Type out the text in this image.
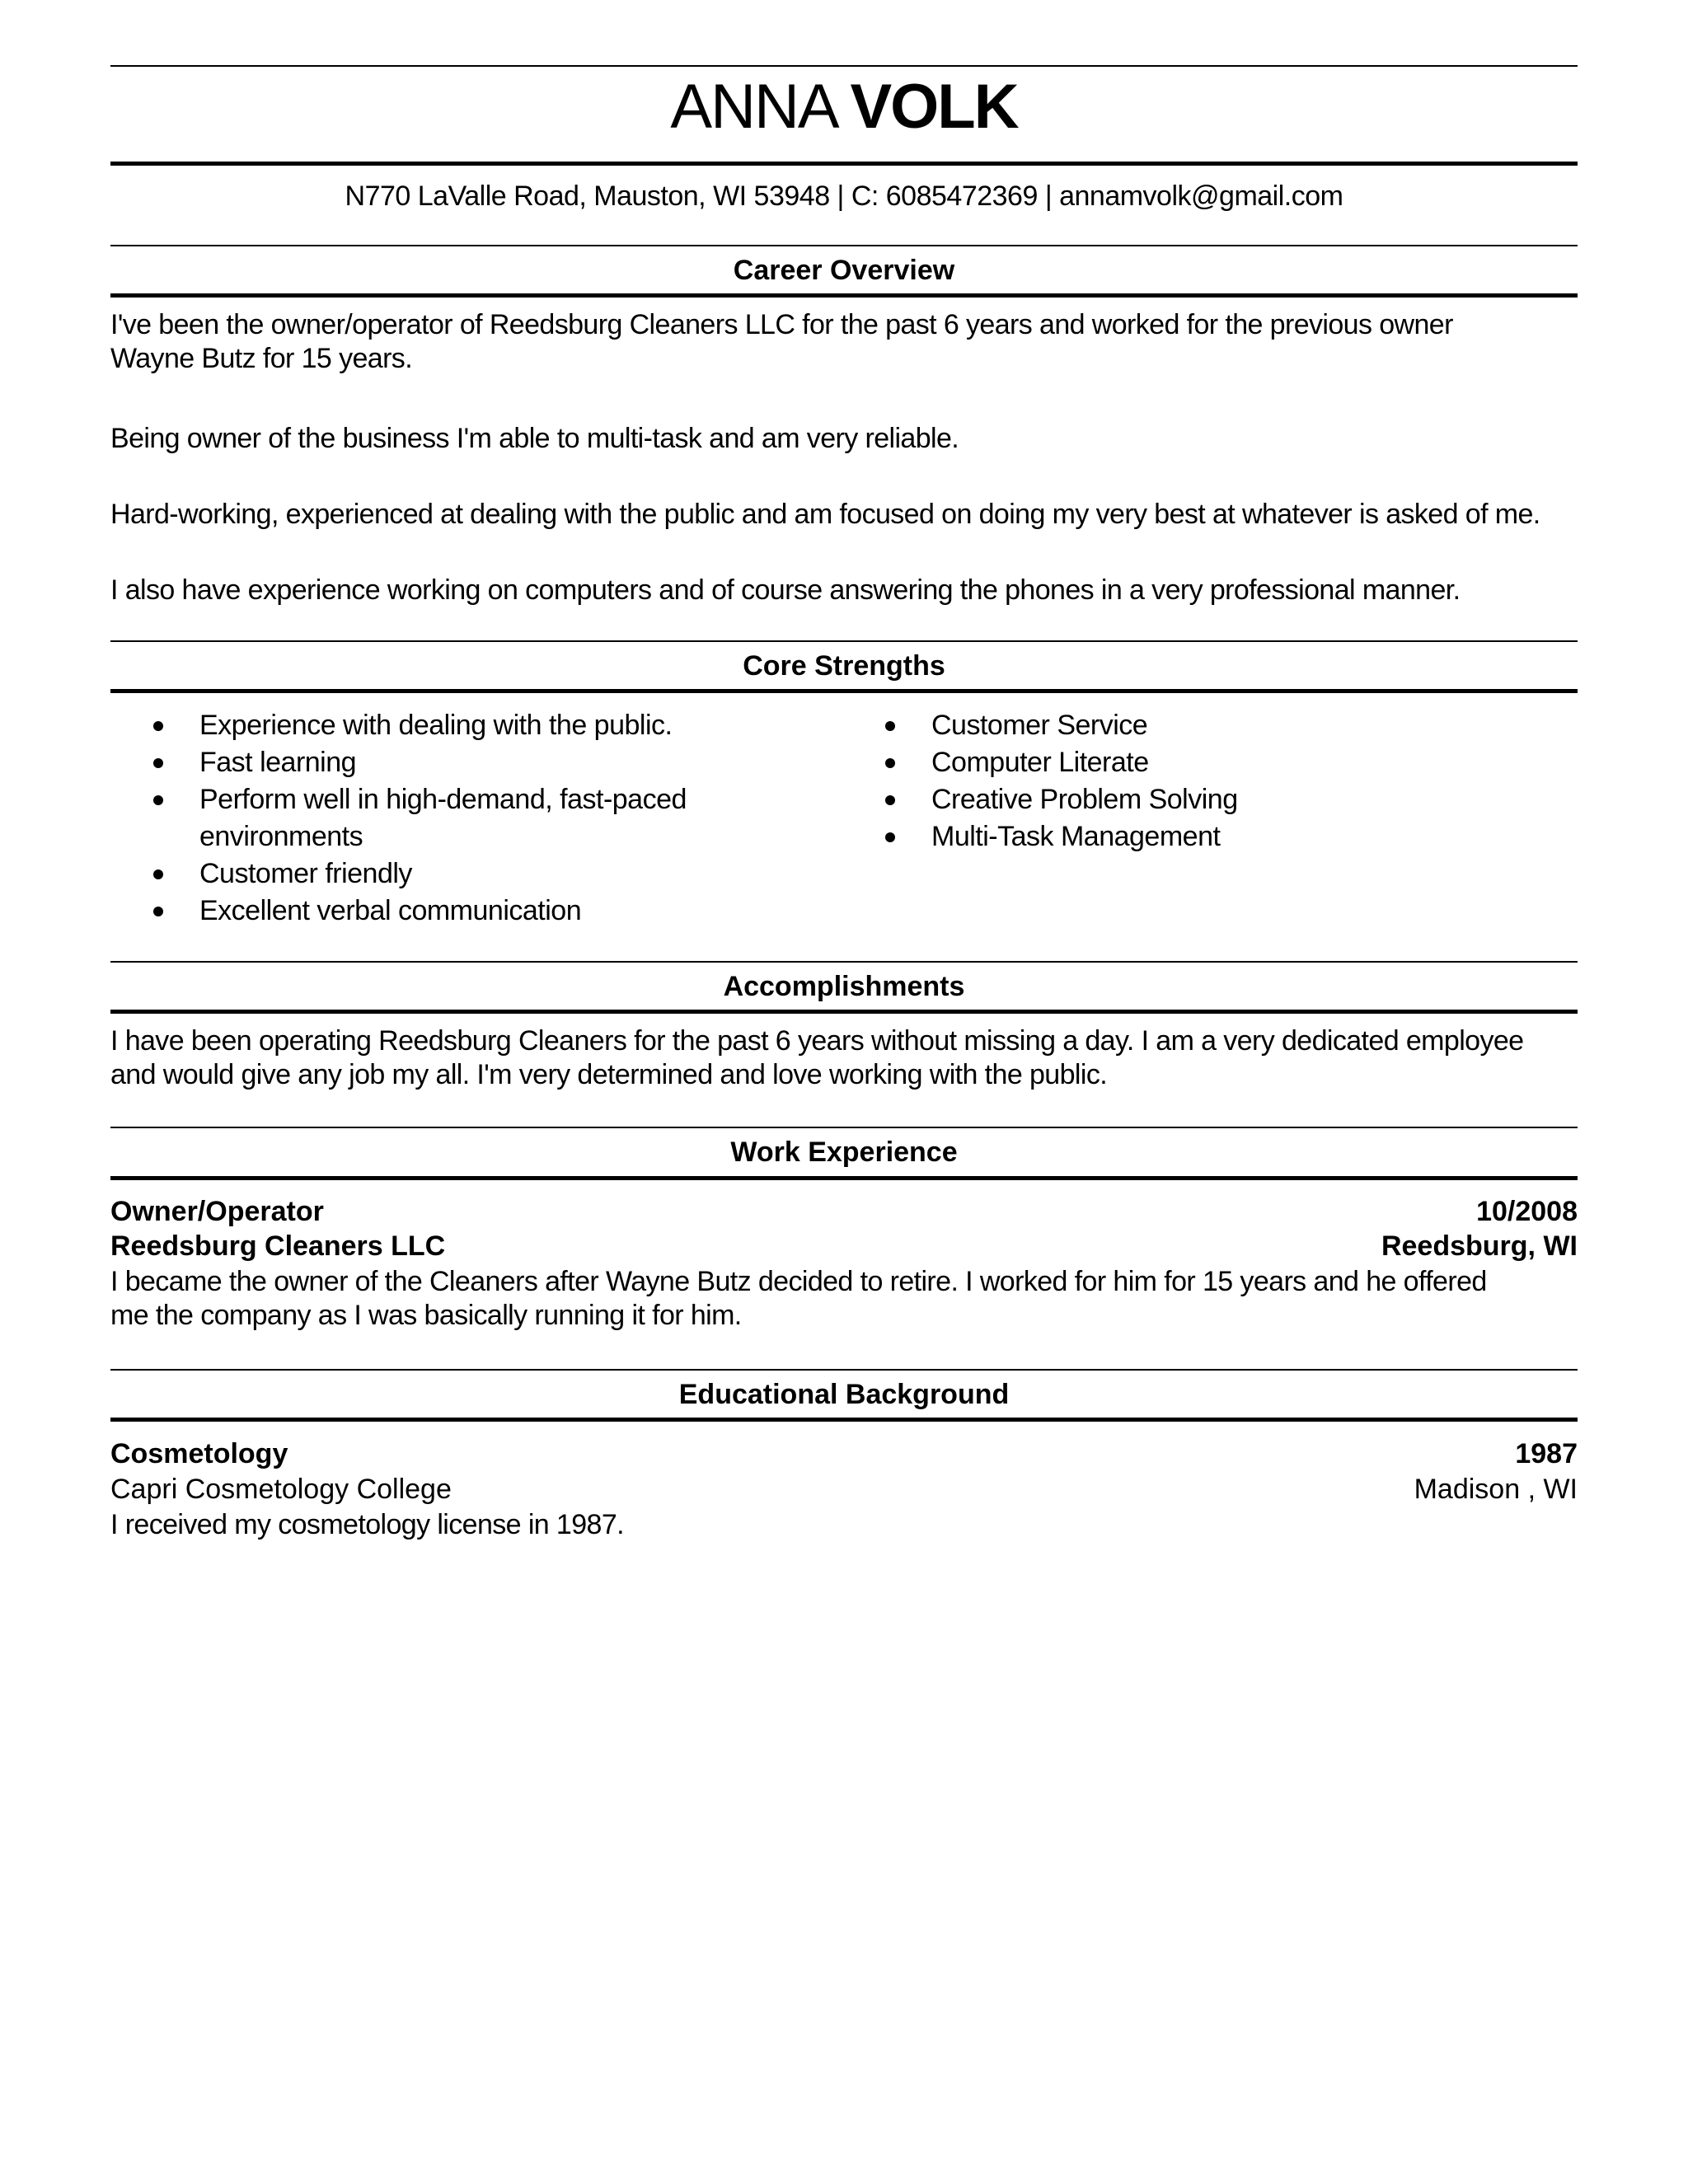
ANNA VOLK
N770 LaValle Road, Mauston, WI 53948 | C: 6085472369 | annamvolk@gmail.com
Career Overview
I've been the owner/operator of Reedsburg Cleaners LLC for the past 6 years and worked for the previous owner Wayne Butz for 15 years.
Being owner of the business I'm able to multi-task and am very reliable.
Hard-working, experienced at dealing with the public and am focused on doing my very best at whatever is asked of me.
I also have experience working on computers and of course answering the phones in a very professional manner.
Core Strengths
Experience with dealing with the public.
Fast learning
Perform well in high-demand, fast-paced environments
Customer friendly
Excellent verbal communication
Customer Service
Computer Literate
Creative Problem Solving
Multi-Task Management
Accomplishments
I have been operating Reedsburg Cleaners for the past 6 years without missing a day. I am a very dedicated employee and would give any job my all. I'm very determined and love working with the public.
Work Experience
Owner/Operator	10/2008
Reedsburg Cleaners LLC	Reedsburg, WI
I became the owner of the Cleaners after Wayne Butz decided to retire. I worked for him for 15 years and he offered me the company as I was basically running it for him.
Educational Background
Cosmetology	1987
Capri Cosmetology College	Madison , WI
I received my cosmetology license in 1987.
